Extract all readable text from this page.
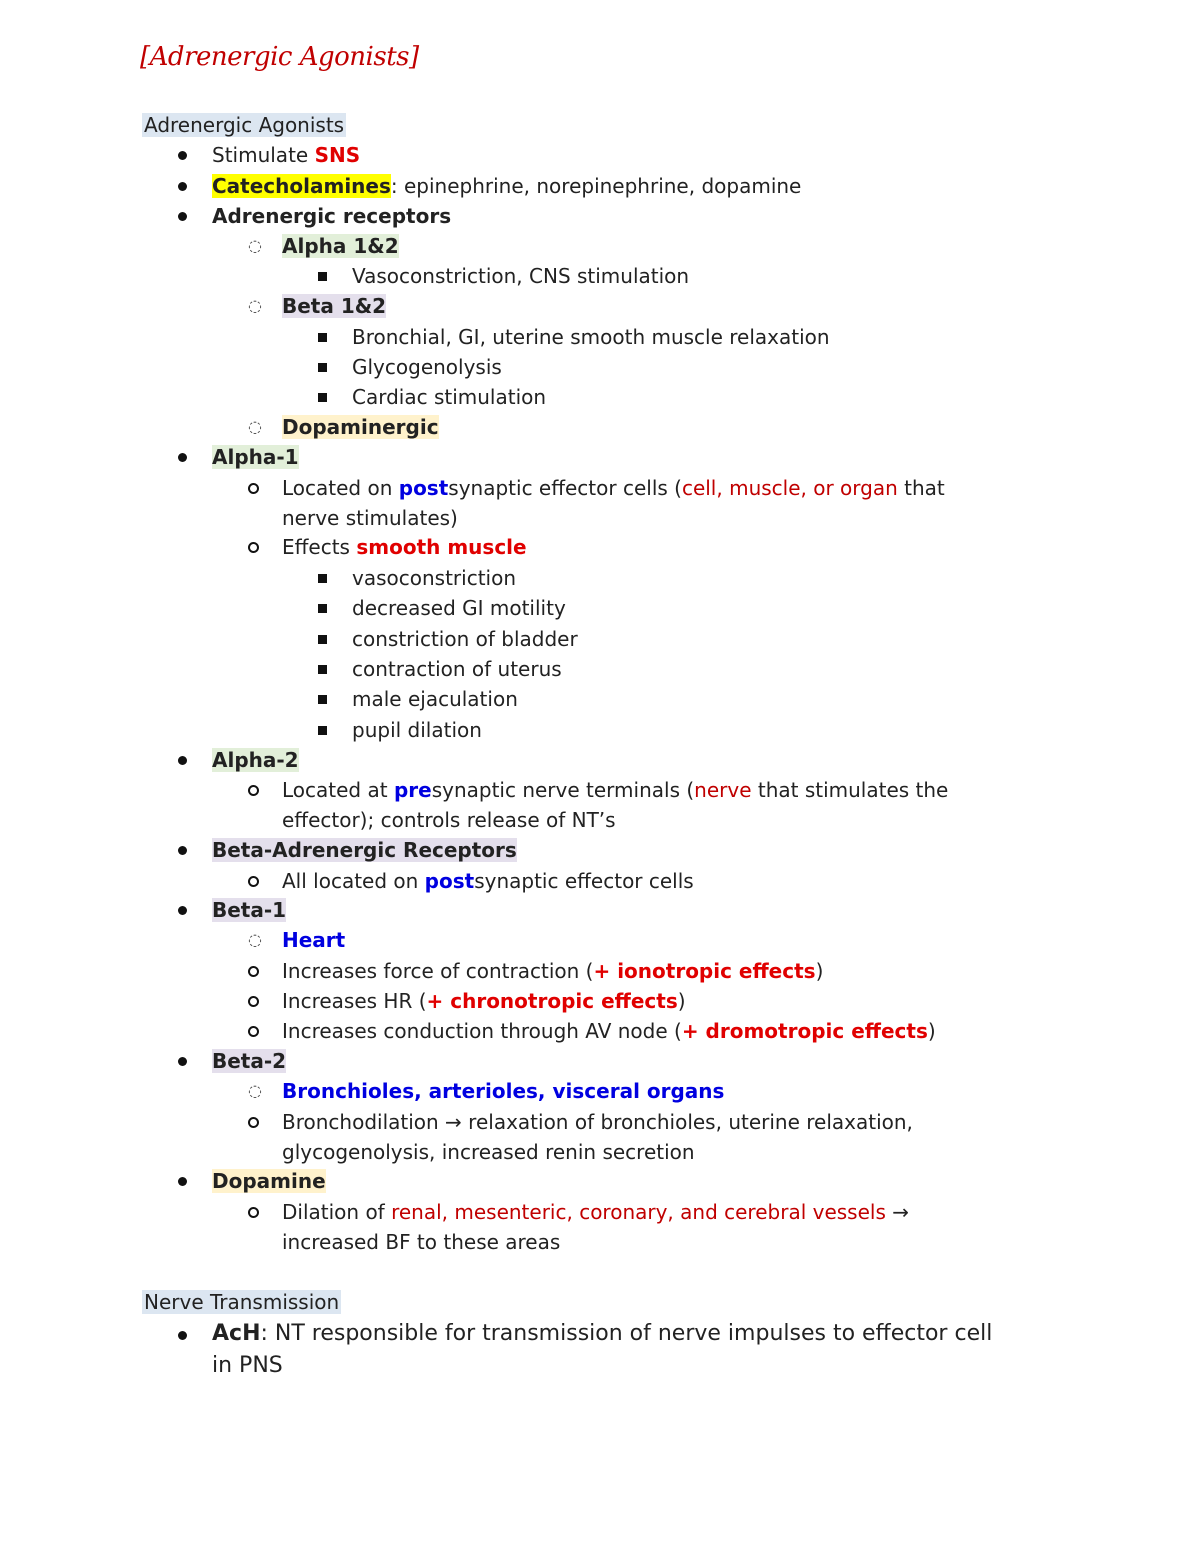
[Adrenergic Agonists]
Adrenergic Agonists
Stimulate SNS
Catecholamines: epinephrine, norepinephrine, dopamine
Adrenergic receptors
◌ Alpha 1&2
Vasoconstriction, CNS stimulation
◌ Beta 1&2
Bronchial, GI, uterine smooth muscle relaxation
Glycogenolysis
Cardiac stimulation
◌ Dopaminergic
Alpha-1
Located on postsynaptic effector cells (cell, muscle, or organ that
nerve stimulates)
Effects smooth muscle
vasoconstriction
decreased GI motility
constriction of bladder
contraction of uterus
male ejaculation
pupil dilation
Alpha-2
Located at presynaptic nerve terminals (nerve that stimulates the
effector); controls release of NT’s
Beta-Adrenergic Receptors
All located on postsynaptic effector cells
Beta-1
◌ Heart
Increases force of contraction (+ ionotropic effects)
Increases HR (+ chronotropic effects)
Increases conduction through AV node (+ dromotropic effects)
Beta-2
◌ Bronchioles, arterioles, visceral organs
Bronchodilation → relaxation of bronchioles, uterine relaxation,
glycogenolysis, increased renin secretion
Dopamine
Dilation of renal, mesenteric, coronary, and cerebral vessels →
increased BF to these areas
Nerve Transmission
AcH: NT responsible for transmission of nerve impulses to effector cell
in PNS
